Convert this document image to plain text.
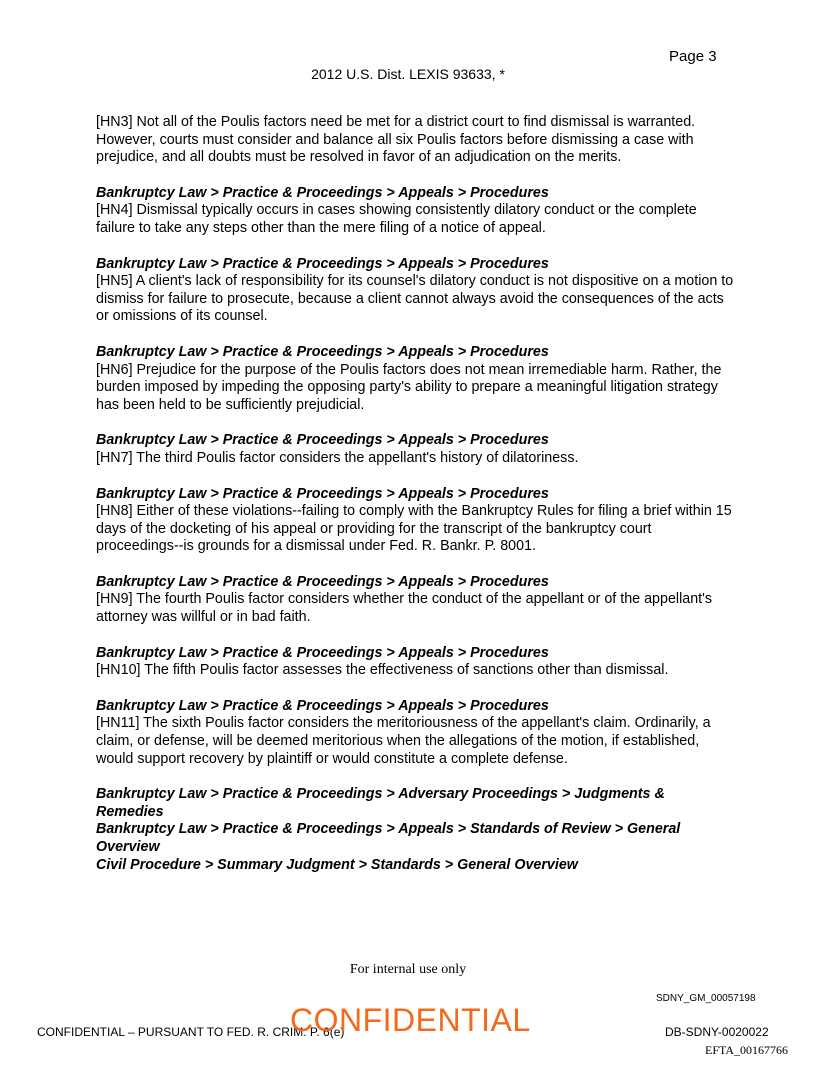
Page 3
2012 U.S. Dist. LEXIS 93633, *

[HN3] Not all of the Poulis factors need be met for a district court to find dismissal is warranted. However, courts must consider and balance all six Poulis factors before dismissing a case with prejudice, and all doubts must be resolved in favor of an adjudication on the merits.

Bankruptcy Law > Practice & Proceedings > Appeals > Procedures
[HN4] Dismissal typically occurs in cases showing consistently dilatory conduct or the complete failure to take any steps other than the mere filing of a notice of appeal.

Bankruptcy Law > Practice & Proceedings > Appeals > Procedures
[HN5] A client's lack of responsibility for its counsel's dilatory conduct is not dispositive on a motion to dismiss for failure to prosecute, because a client cannot always avoid the consequences of the acts or omissions of its counsel.

Bankruptcy Law > Practice & Proceedings > Appeals > Procedures
[HN6] Prejudice for the purpose of the Poulis factors does not mean irremediable harm. Rather, the burden imposed by impeding the opposing party's ability to prepare a meaningful litigation strategy has been held to be sufficiently prejudicial.

Bankruptcy Law > Practice & Proceedings > Appeals > Procedures
[HN7] The third Poulis factor considers the appellant's history of dilatoriness.

Bankruptcy Law > Practice & Proceedings > Appeals > Procedures
[HN8] Either of these violations--failing to comply with the Bankruptcy Rules for filing a brief within 15 days of the docketing of his appeal or providing for the transcript of the bankruptcy court proceedings--is grounds for a dismissal under Fed. R. Bankr. P. 8001.

Bankruptcy Law > Practice & Proceedings > Appeals > Procedures
[HN9] The fourth Poulis factor considers whether the conduct of the appellant or of the appellant's attorney was willful or in bad faith.

Bankruptcy Law > Practice & Proceedings > Appeals > Procedures
[HN10] The fifth Poulis factor assesses the effectiveness of sanctions other than dismissal.

Bankruptcy Law > Practice & Proceedings > Appeals > Procedures
[HN11] The sixth Poulis factor considers the meritoriousness of the appellant's claim. Ordinarily, a claim, or defense, will be deemed meritorious when the allegations of the motion, if established, would support recovery by plaintiff or would constitute a complete defense.

Bankruptcy Law > Practice & Proceedings > Adversary Proceedings > Judgments & Remedies
Bankruptcy Law > Practice & Proceedings > Appeals > Standards of Review > General Overview
Civil Procedure > Summary Judgment > Standards > General Overview
For internal use only
SDNY_GM_00057198
CONFIDENTIAL – PURSUANT TO FED. R. CRIM. P. 6(e)
CONFIDENTIAL	DB-SDNY-0020022
EFTA_00167766
